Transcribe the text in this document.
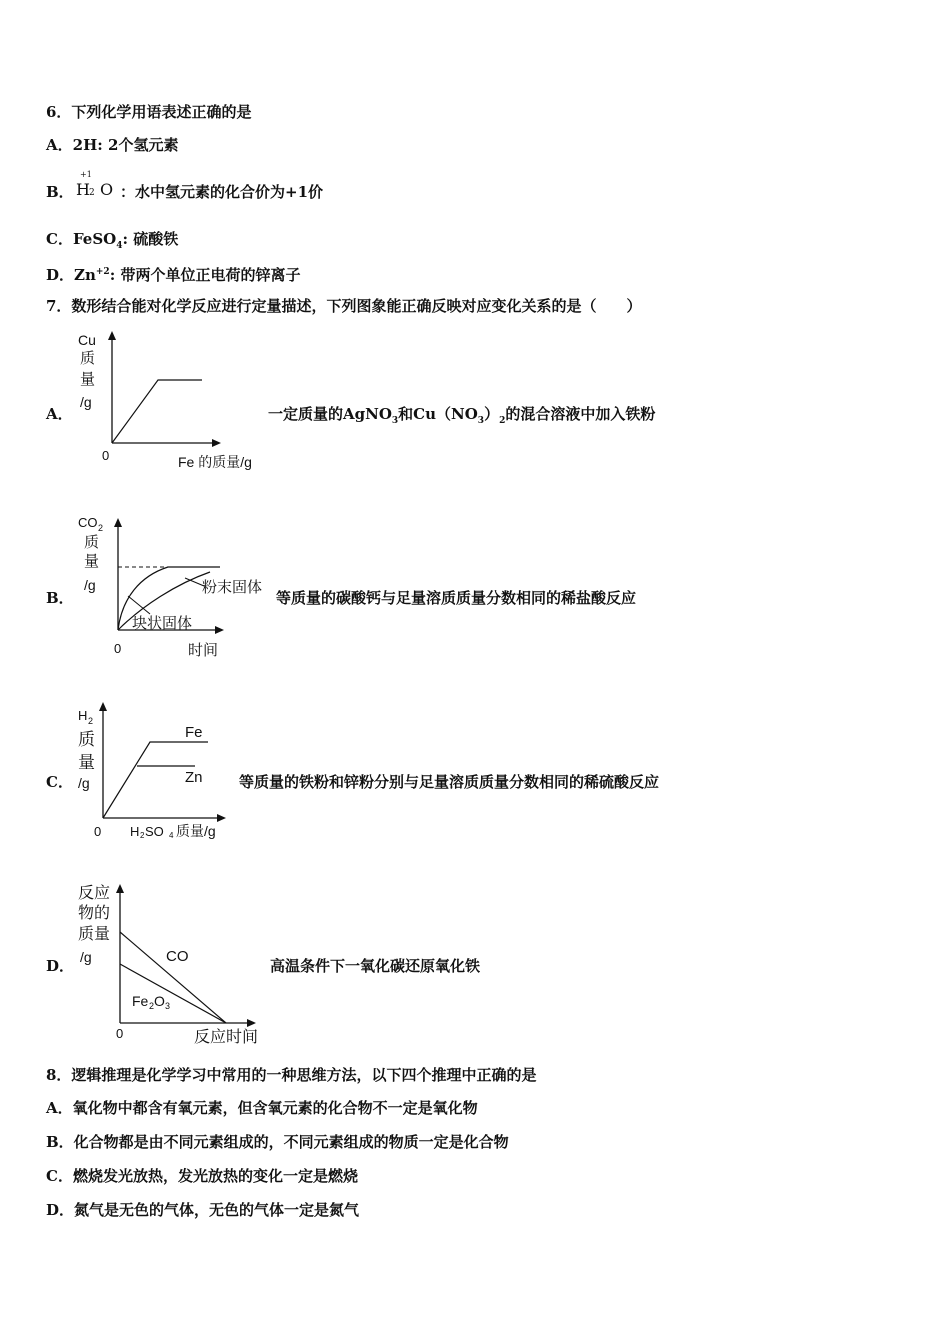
6．下列化学用语表述正确的是
A．2H: 2个氢元素
B．
+1
H 2 O ：水中氢元素的化合价为+1价
C．FeSO$_4$: 硫酸铁
D．$Zn^{+2}$: 带两个单位正电荷的锌离子
7．数形结合能对化学反应进行定量描述，下列图象能正确反映对应变化关系的是（　　）
A．
Cu
质
量
/g
0	Fe 的质量/g
一定质量的AgNO$_3$和$Cu(NO_3)_2$的混合溶液中加入铁粉
B．
CO 2
质
量
/g	粉末固体
块状固体
0	时间
等质量的碳酸钙与足量溶质质量分数相同的稀盐酸反应
C．
H 2
质
量
/g
Fe
Zn
0 H 2 SO 4 质量/g
等质量的铁粉和锌粉分别与足量溶质质量分数相同的稀硫酸反应
D．
反应
物的
质量
/g	CO
Fe 2 O 3
0	反应时间
高温条件下一氧化碳还原氧化铁
8．逻辑推理是化学学习中常用的一种思维方法，以下四个推理中正确的是
A．氧化物中都含有氧元素，但含氧元素的化合物不一定是氧化物
B．化合物都是由不同元素组成的，不同元素组成的物质一定是化合物
C．燃烧发光放热，发光放热的变化一定是燃烧
D．氮气是无色的气体，无色的气体一定是氮气
